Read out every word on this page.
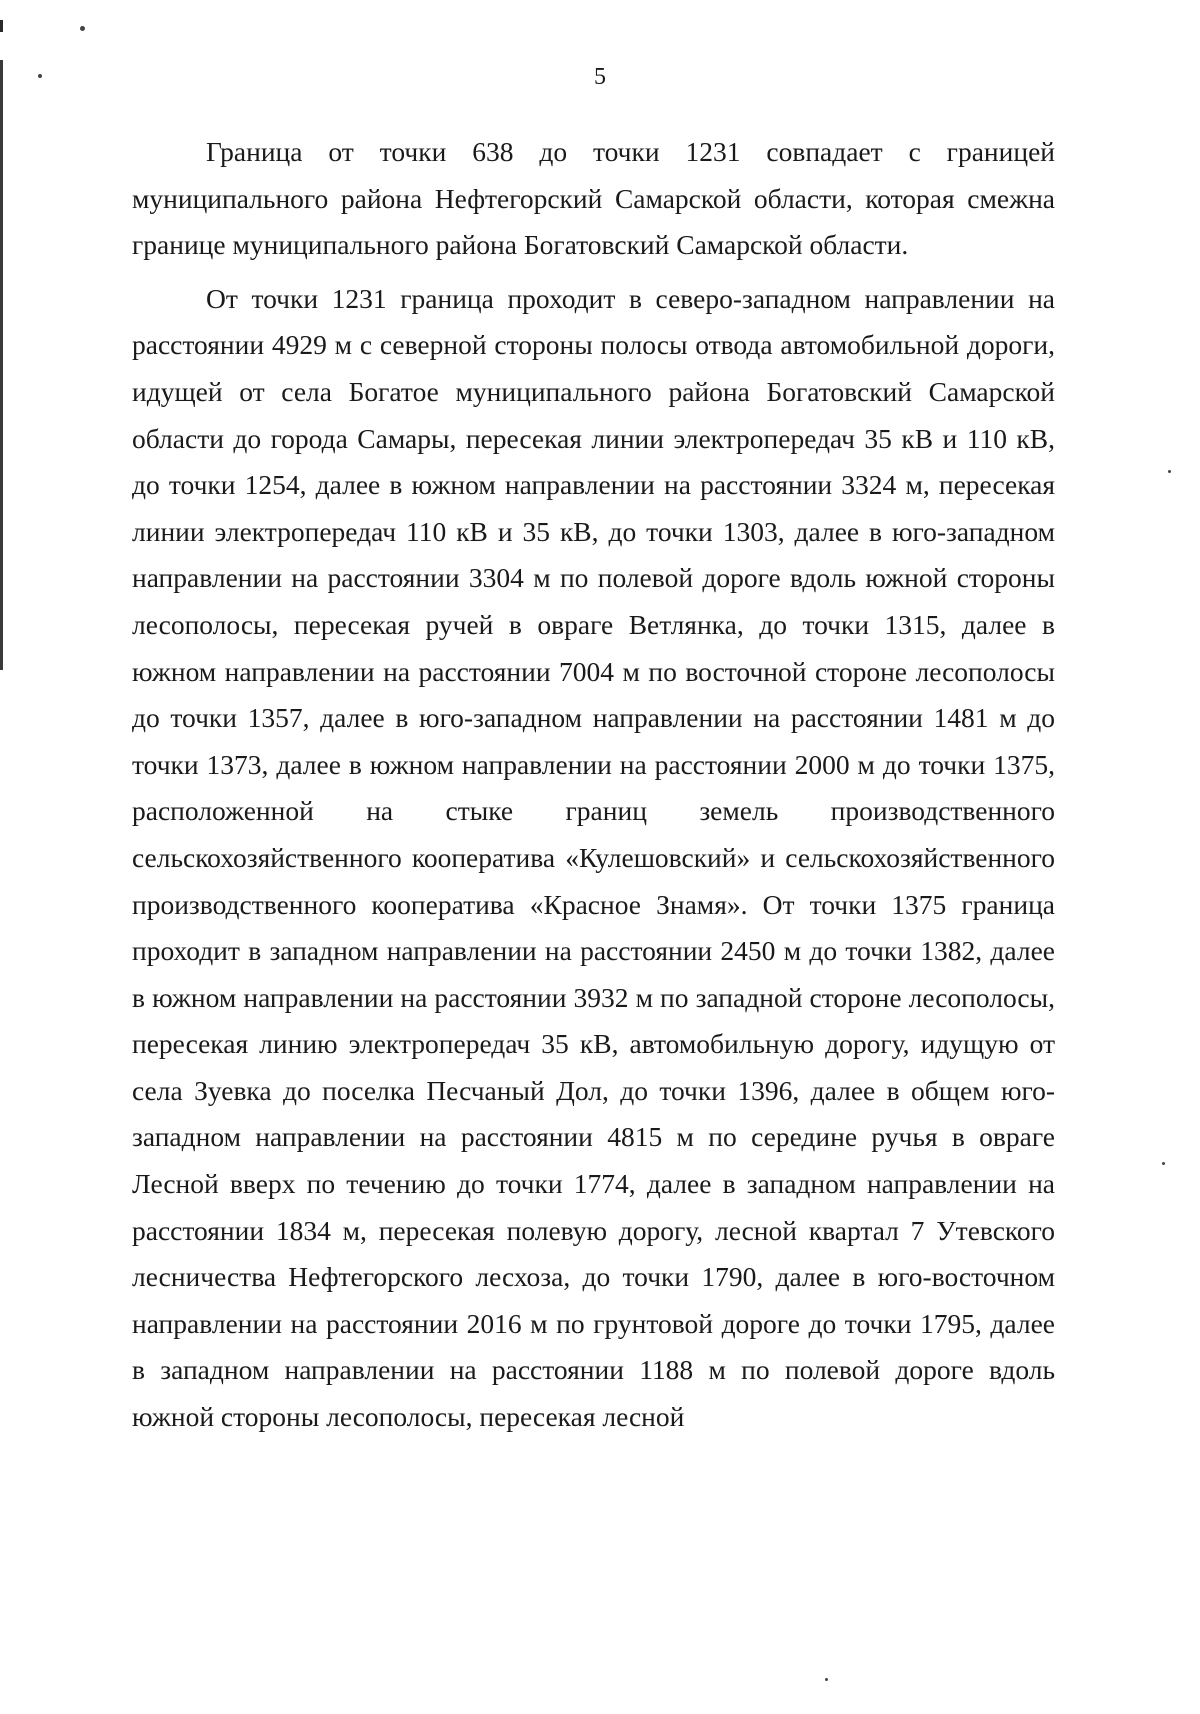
5

Граница от точки 638 до точки 1231 совпадает с границей муниципального района Нефтегорский Самарской области, которая смежна границе муниципального района Богатовский Самарской области.

От точки 1231 граница проходит в северо-западном направлении на расстоянии 4929 м с северной стороны полосы отвода автомобильной дороги, идущей от села Богатое муниципального района Богатовский Самарской области до города Самары, пересекая линии электропередач 35 кВ и 110 кВ, до точки 1254, далее в южном направлении на расстоянии 3324 м, пересекая линии электропередач 110 кВ и 35 кВ, до точки 1303, далее в юго-западном направлении на расстоянии 3304 м по полевой дороге вдоль южной стороны лесополосы, пересекая ручей в овраге Ветлянка, до точки 1315, далее в южном направлении на расстоянии 7004 м по восточной стороне лесополосы до точки 1357, далее в юго-западном направлении на расстоянии 1481 м до точки 1373, далее в южном направлении на расстоянии 2000 м до точки 1375, расположенной на стыке границ земель производственного сельскохозяйственного кооператива «Кулешовский» и сельскохозяйственного производственного кооператива «Красное Знамя». От точки 1375 граница проходит в западном направлении на расстоянии 2450 м до точки 1382, далее в южном направлении на расстоянии 3932 м по западной стороне лесополосы, пересекая линию электропередач 35 кВ, автомобильную дорогу, идущую от села Зуевка до поселка Песчаный Дол, до точки 1396, далее в общем юго-западном направлении на расстоянии 4815 м по середине ручья в овраге Лесной вверх по течению до точки 1774, далее в западном направлении на расстоянии 1834 м, пересекая полевую дорогу, лесной квартал 7 Утевского лесничества Нефтегорского лесхоза, до точки 1790, далее в юго-восточном направлении на расстоянии 2016 м по грунтовой дороге до точки 1795, далее в западном направлении на расстоянии 1188 м по полевой дороге вдоль южной стороны лесополосы, пересекая лесной
